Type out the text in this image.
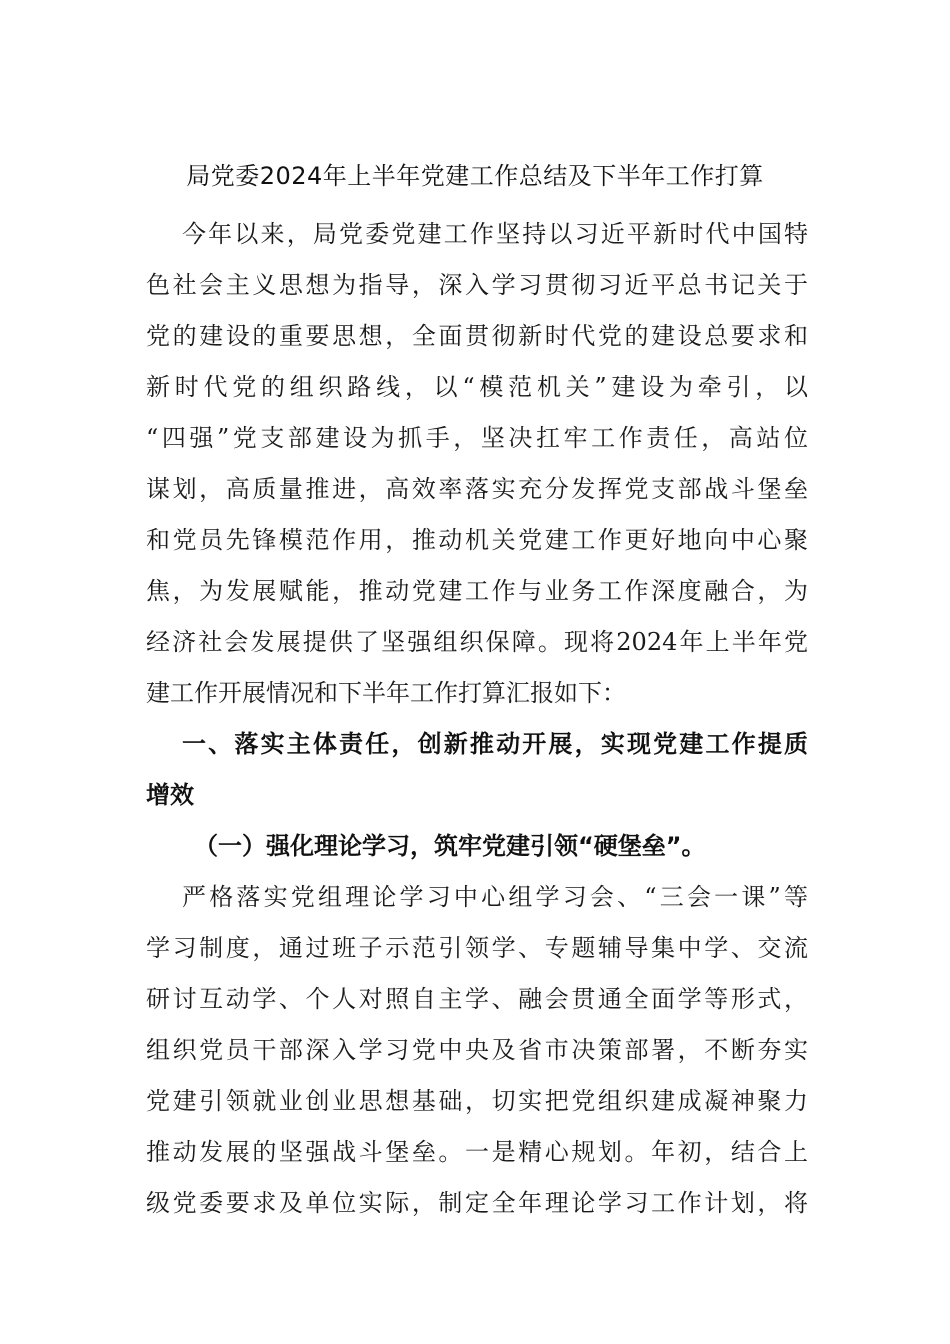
局党委2024年上半年党建工作总结及下半年工作打算
今年以来，局党委党建工作坚持以习近平新时代中国特
色社会主义思想为指导，深入学习贯彻习近平总书记关于
党的建设的重要思想，全面贯彻新时代党的建设总要求和
新时代党的组织路线，以“模范机关”建设为牵引，以
“四强”党支部建设为抓手，坚决扛牢工作责任，高站位
谋划，高质量推进，高效率落实充分发挥党支部战斗堡垒
和党员先锋模范作用，推动机关党建工作更好地向中心聚
焦，为发展赋能，推动党建工作与业务工作深度融合，为
经济社会发展提供了坚强组织保障。现将2024年上半年党
建工作开展情况和下半年工作打算汇报如下：
一、落实主体责任，创新推动开展，实现党建工作提质
增效
（一）强化理论学习，筑牢党建引领“硬堡垒”。
严格落实党组理论学习中心组学习会、“三会一课”等
学习制度，通过班子示范引领学、专题辅导集中学、交流
研讨互动学、个人对照自主学、融会贯通全面学等形式，
组织党员干部深入学习党中央及省市决策部署，不断夯实
党建引领就业创业思想基础，切实把党组织建成凝神聚力
推动发展的坚强战斗堡垒。一是精心规划。年初，结合上
级党委要求及单位实际，制定全年理论学习工作计划，将
